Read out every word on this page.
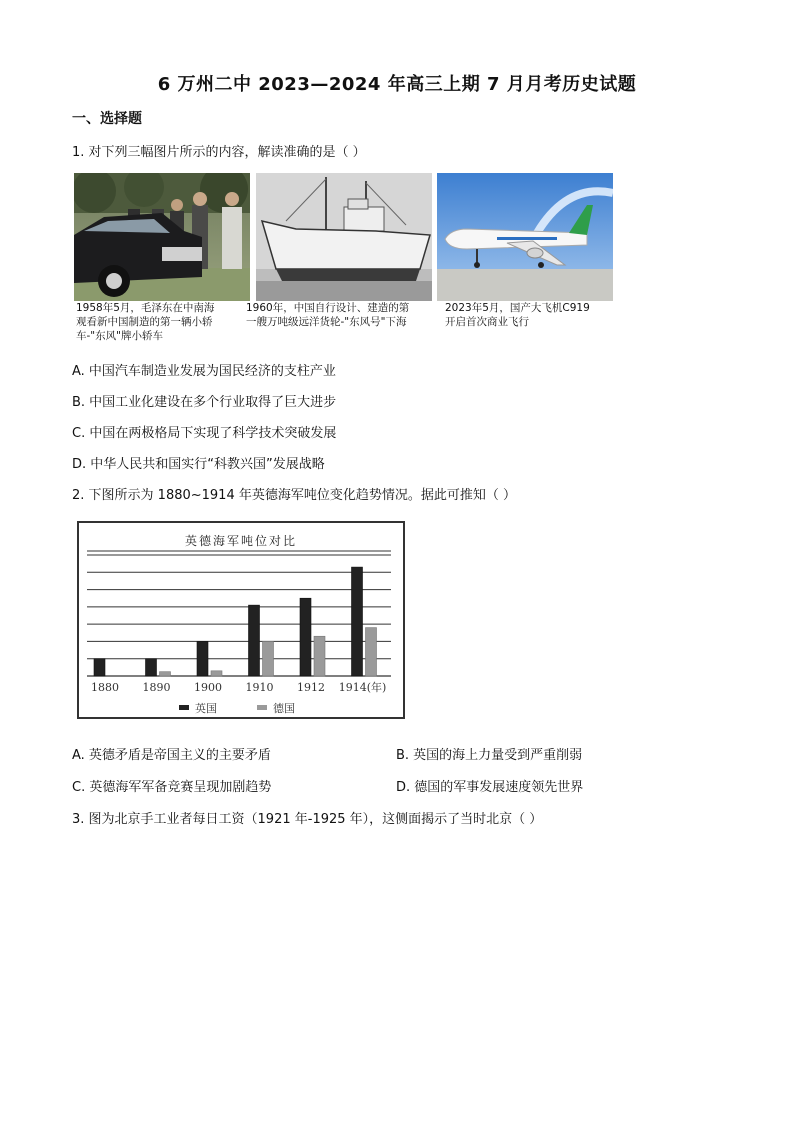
6 万州二中 2023—2024 年高三上期 7 月月考历史试题
一、选择题
1. 对下列三幅图片所示的内容，解读准确的是（ ）
1958年5月，毛泽东在中南海
观看新中国制造的第一辆小轿
车-"东风"牌小轿车
1960年，中国自行设计、建造的第
一艘万吨级远洋货轮-"东风号"下海
2023年5月，国产大飞机C919
开启首次商业飞行
A. 中国汽车制造业发展为国民经济的支柱产业
B. 中国工业化建设在多个行业取得了巨大进步
C. 中国在两极格局下实现了科学技术突破发展
D. 中华人民共和国实行“科教兴国”发展战略
2. 下图所示为 1880~1914 年英德海军吨位变化趋势情况。据此可推知（ ）
英德海军吨位对比
1880 1890 1900 1910 1912 1914(年)
英国	德国
A. 英德矛盾是帝国主义的主要矛盾	B. 英国的海上力量受到严重削弱
C. 英德海军军备竞赛呈现加剧趋势	D. 德国的军事发展速度领先世界
3. 图为北京手工业者每日工资（1921 年-1925 年），这侧面揭示了当时北京（ ）
